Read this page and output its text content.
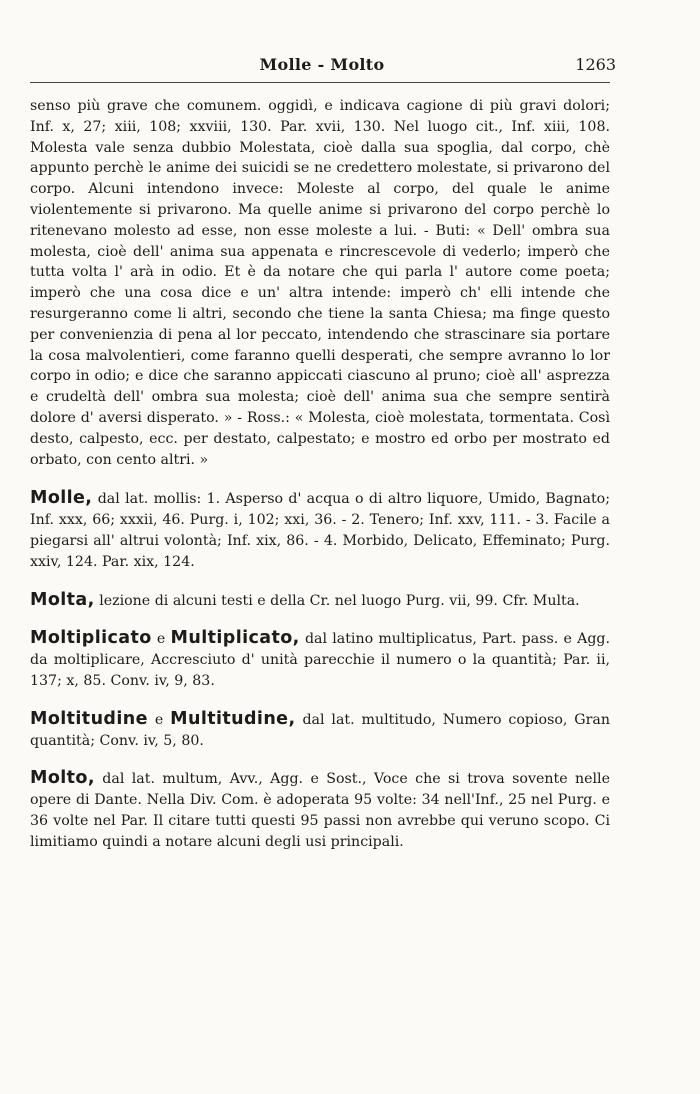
Molle - Molto	1263

senso più grave che comunem. oggidì, e indicava cagione di più gravi dolori; Inf. x, 27; xiii, 108; xxviii, 130. Par. xvii, 130. Nel luogo cit., Inf. xiii, 108. Molesta vale senza dubbio Molestata, cioè dalla sua spoglia, dal corpo, chè appunto perchè le anime dei suicidi se ne credettero molestate, si privarono del corpo. Alcuni intendono invece: Moleste al corpo, del quale le anime violentemente si privarono. Ma quelle anime si privarono del corpo perchè lo ritenevano molesto ad esse, non esse moleste a lui. - Buti: « Dell' ombra sua molesta, cioè dell' anima sua appenata e rincrescevole di vederlo; imperò che tutta volta l' arà in odio. Et è da notare che qui parla l' autore come poeta; imperò che una cosa dice e un' altra intende: imperò ch' elli intende che resurgeranno come li altri, secondo che tiene la santa Chiesa; ma finge questo per convenienzia di pena al lor peccato, intendendo che strascinare sia portare la cosa malvolentieri, come faranno quelli desperati, che sempre avranno lo lor corpo in odio; e dice che saranno appiccati ciascuno al pruno; cioè all' asprezza e crudeltà dell' ombra sua molesta; cioè dell' anima sua che sempre sentirà dolore d' aversi disperato. » - Ross.: « Molesta, cioè molestata, tormentata. Così desto, calpesto, ecc. per destato, calpestato; e mostro ed orbo per mostrato ed orbato, con cento altri. »

Molle, dal lat. mollis: 1. Asperso d' acqua o di altro liquore, Umido, Bagnato; Inf. xxx, 66; xxxii, 46. Purg. i, 102; xxi, 36. - 2. Tenero; Inf. xxv, 111. - 3. Facile a piegarsi all' altrui volontà; Inf. xix, 86. - 4. Morbido, Delicato, Effeminato; Purg. xxiv, 124. Par. xix, 124.

Molta, lezione di alcuni testi e della Cr. nel luogo Purg. vii, 99. Cfr. Multa.

Moltiplicato e Multiplicato, dal latino multiplicatus, Part. pass. e Agg. da moltiplicare, Accresciuto d' unità parecchie il numero o la quantità; Par. ii, 137; x, 85. Conv. iv, 9, 83.

Moltitudine e Multitudine, dal lat. multitudo, Numero copioso, Gran quantità; Conv. iv, 5, 80.

Molto, dal lat. multum, Avv., Agg. e Sost., Voce che si trova sovente nelle opere di Dante. Nella Div. Com. è adoperata 95 volte: 34 nell'Inf., 25 nel Purg. e 36 volte nel Par. Il citare tutti questi 95 passi non avrebbe qui veruno scopo. Ci limitiamo quindi a notare alcuni degli usi principali.
